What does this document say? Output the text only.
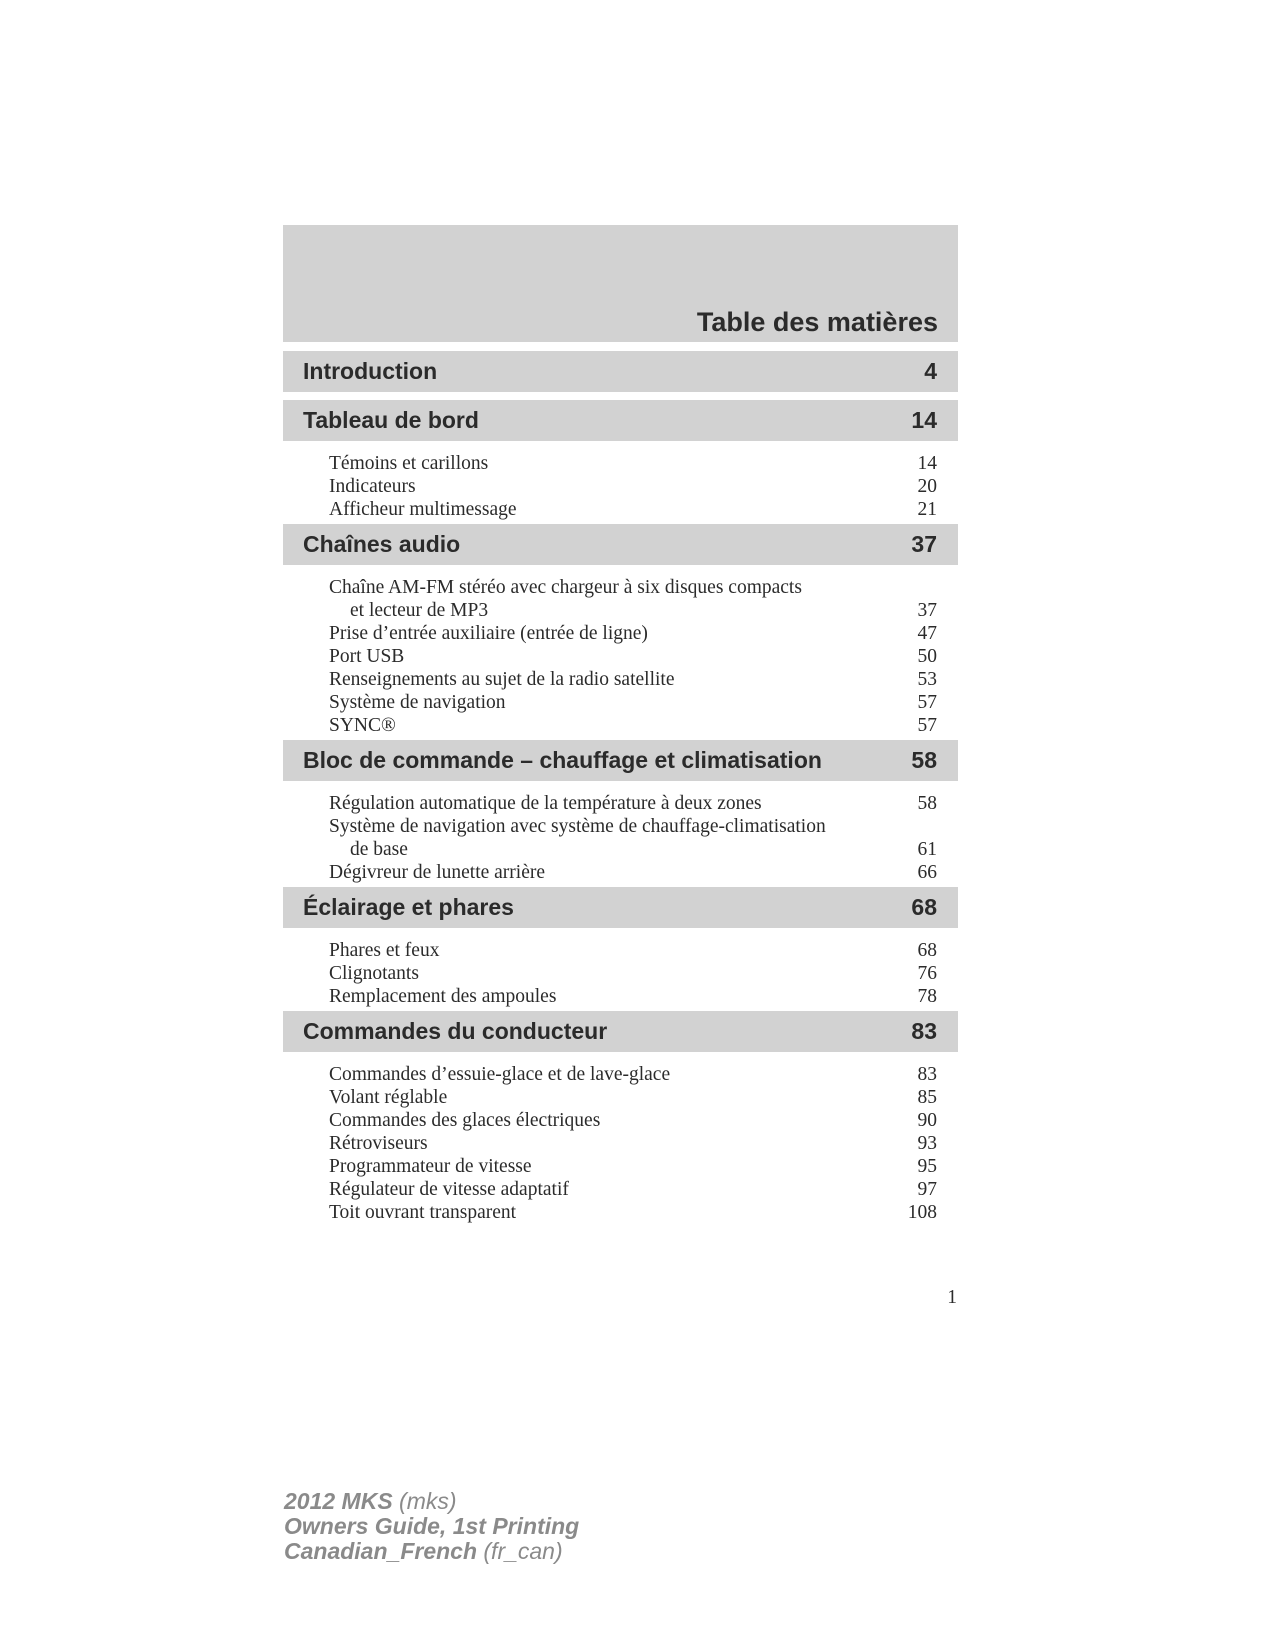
Table des matières
Introduction	4
Tableau de bord	14
Témoins et carillons	14
Indicateurs	20
Afficheur multimessage	21
Chaînes audio	37
Chaîne AM-FM stéréo avec chargeur à six disques compacts
et lecteur de MP3	37
Prise d’entrée auxiliaire (entrée de ligne)	47
Port USB	50
Renseignements au sujet de la radio satellite	53
Système de navigation	57
SYNC®	57
Bloc de commande – chauffage et climatisation	58
Régulation automatique de la température à deux zones	58
Système de navigation avec système de chauffage-climatisation
de base	61
Dégivreur de lunette arrière	66
Éclairage et phares	68
Phares et feux	68
Clignotants	76
Remplacement des ampoules	78
Commandes du conducteur	83
Commandes d’essuie-glace et de lave-glace	83
Volant réglable	85
Commandes des glaces électriques	90
Rétroviseurs	93
Programmateur de vitesse	95
Régulateur de vitesse adaptatif	97
Toit ouvrant transparent	108
1
2012 MKS (mks)
Owners Guide, 1st Printing
Canadian_French (fr_can)
